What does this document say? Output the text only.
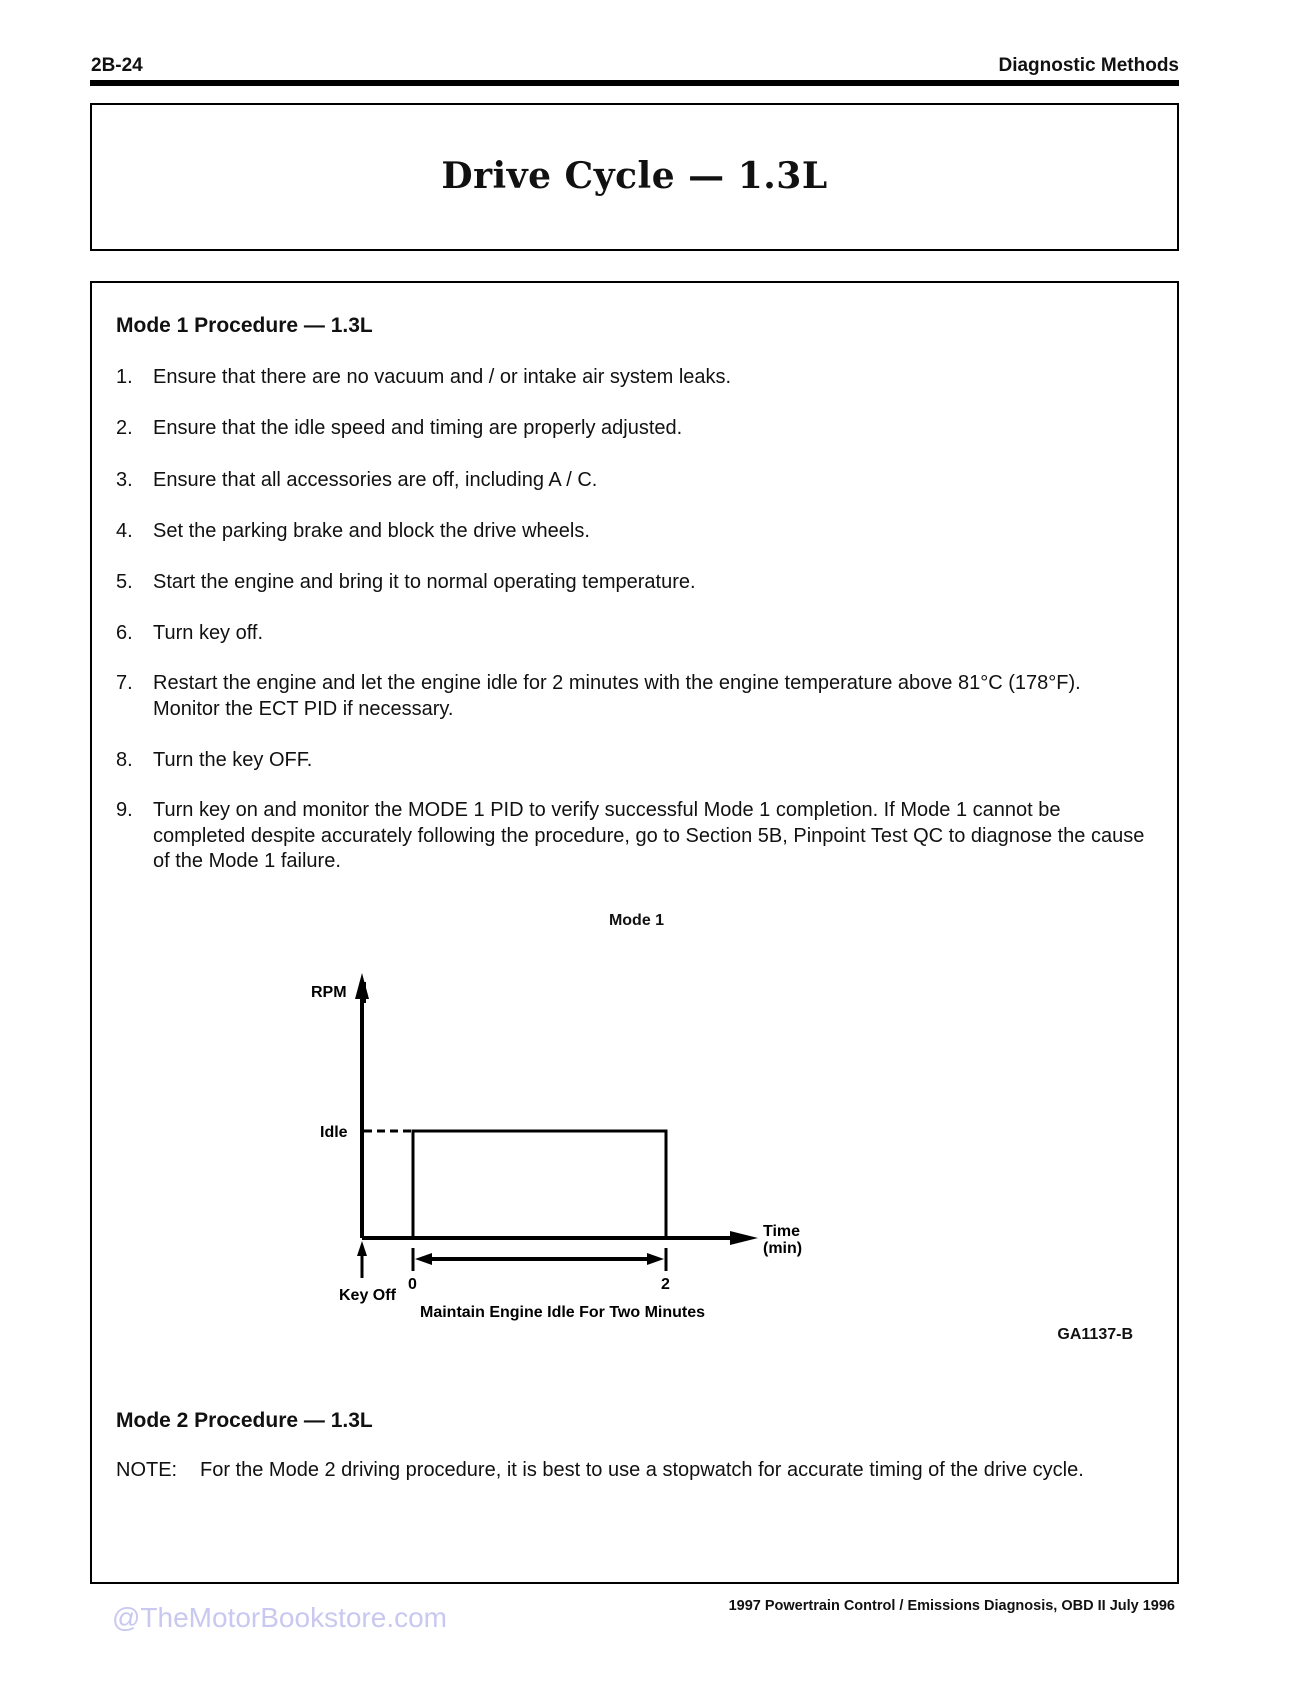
2B-24	Diagnostic Methods
Drive Cycle — 1.3L
Mode 1 Procedure — 1.3L
1.	Ensure that there are no vacuum and / or intake air system leaks.
2.	Ensure that the idle speed and timing are properly adjusted.
3.	Ensure that all accessories are off, including A / C.
4.	Set the parking brake and block the drive wheels.
5.	Start the engine and bring it to normal operating temperature.
6.	Turn key off.
7.	Restart the engine and let the engine idle for 2 minutes with the engine temperature above 81°C (178°F). Monitor the ECT PID if necessary.
8.	Turn the key OFF.
9.	Turn key on and monitor the MODE 1 PID to verify successful Mode 1 completion. If Mode 1 cannot be completed despite accurately following the procedure, go to Section 5B, Pinpoint Test QC to diagnose the cause of the Mode 1 failure.
Mode 1
RPM
Idle
Time
(min)
0	2
Key Off
Maintain Engine Idle For Two Minutes
GA1137-B
Mode 2 Procedure — 1.3L
NOTE: For the Mode 2 driving procedure, it is best to use a stopwatch for accurate timing of the drive cycle.
@TheMotorBookstore.com	1997 Powertrain Control / Emissions Diagnosis, OBD II July 1996
